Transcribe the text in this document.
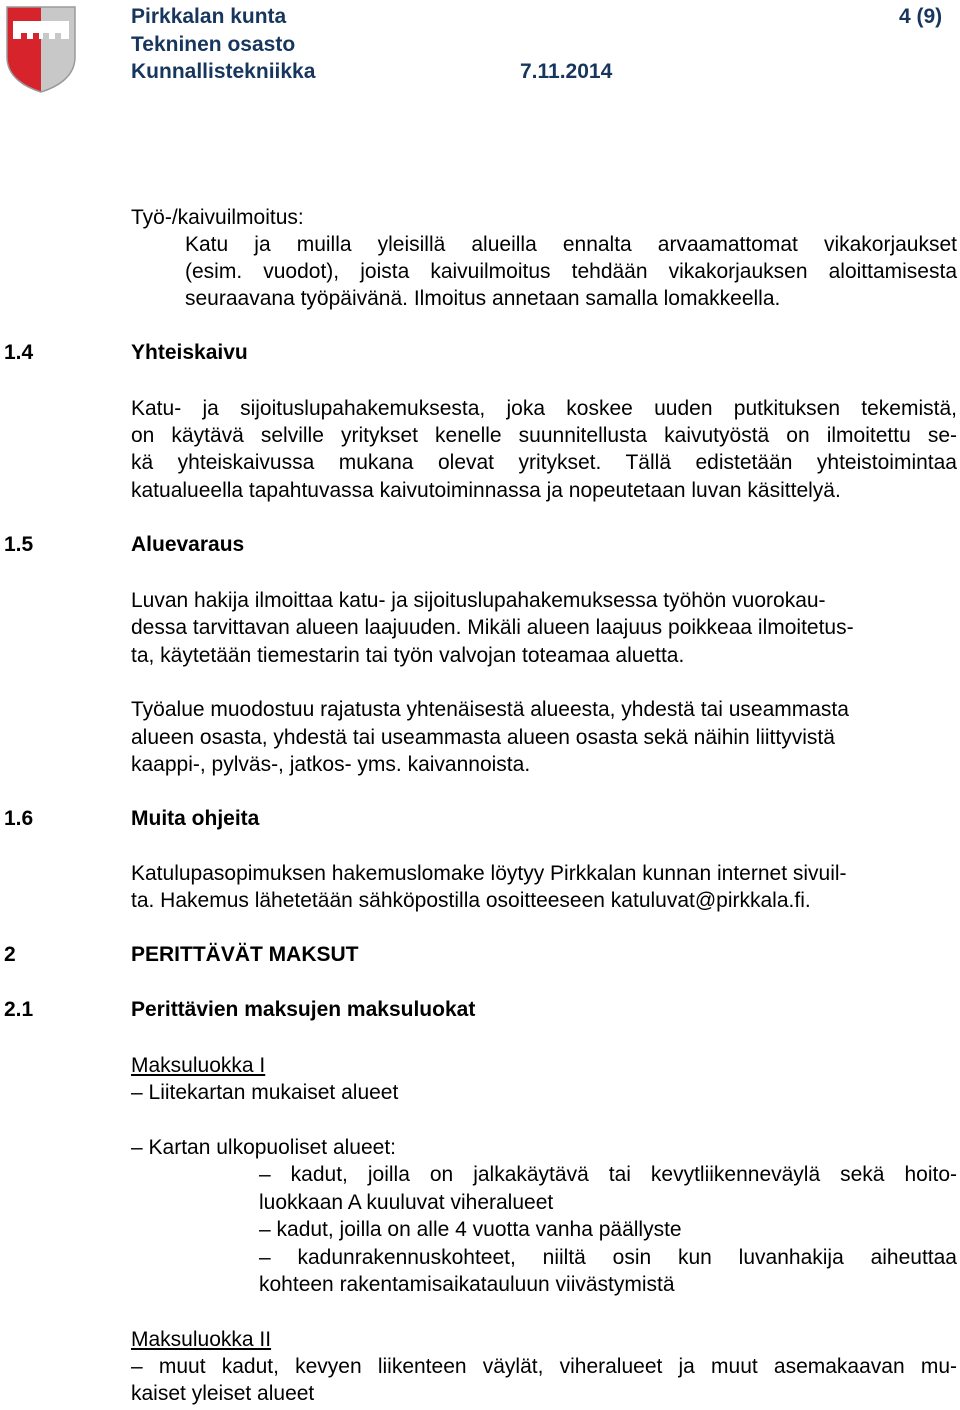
Pirkkalan kunta
Tekninen osasto
Kunnallistekniikka	7.11.2014
4 (9)
Työ-/kaivuilmoitus:
Katu ja muilla yleisillä alueilla ennalta arvaamattomat vikakorjaukset
(esim. vuodot), joista kaivuilmoitus tehdään vikakorjauksen aloittamisesta
seuraavana työpäivänä. Ilmoitus annetaan samalla lomakkeella.
1.4	Yhteiskaivu
Katu- ja sijoituslupahakemuksesta, joka koskee uuden putkituksen tekemistä,
on käytävä selville yritykset kenelle suunnitellusta kaivutyöstä on ilmoitettu se-
kä yhteiskaivussa mukana olevat yritykset. Tällä edistetään yhteistoimintaa
katualueella tapahtuvassa kaivutoiminnassa ja nopeutetaan luvan käsittelyä.
1.5	Aluevaraus
Luvan hakija ilmoittaa katu- ja sijoituslupahakemuksessa työhön vuorokau-
dessa tarvittavan alueen laajuuden. Mikäli alueen laajuus poikkeaa ilmoitetus-
ta, käytetään tiemestarin tai työn valvojan toteamaa aluetta.
Työalue muodostuu rajatusta yhtenäisestä alueesta, yhdestä tai useammasta
alueen osasta, yhdestä tai useammasta alueen osasta sekä näihin liittyvistä
kaappi-, pylväs-, jatkos- yms. kaivannoista.
1.6	Muita ohjeita
Katulupasopimuksen hakemuslomake löytyy Pirkkalan kunnan internet sivuil-
ta. Hakemus lähetetään sähköpostilla osoitteeseen katuluvat@pirkkala.fi.
2	PERITTÄVÄT MAKSUT
2.1	Perittävien maksujen maksuluokat
Maksuluokka I
– Liitekartan mukaiset alueet
– Kartan ulkopuoliset alueet:
– kadut, joilla on jalkakäytävä tai kevytliikenneväylä sekä hoito-
luokkaan A kuuluvat viheralueet
– kadut, joilla on alle 4 vuotta vanha päällyste
– kadunrakennuskohteet, niiltä osin kun luvanhakija aiheuttaa
kohteen rakentamisaikatauluun viivästymistä
Maksuluokka II
– muut kadut, kevyen liikenteen väylät, viheralueet ja muut asemakaavan mu-
kaiset yleiset alueet
